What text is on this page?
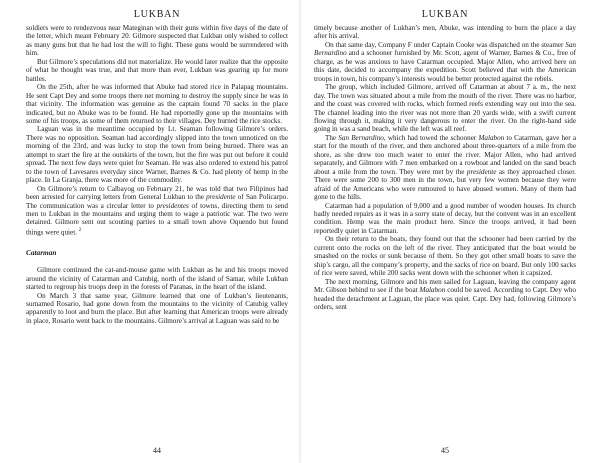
LUKBAN

soldiers were to rendezvous near Mateginan with their guns within five days of the date of the letter, which meant February 20. Gilmore suspected that Lukban only wished to collect as many guns but that he had lost the will to fight. These guns would be surrendered with him.

But Gilmore’s speculations did not materialize. He would later realize that the opposite of what he thought was true, and that more than ever, Lukban was gearing up for more battles.

On the 25th, after he was informed that Abuke had stored rice in Palapag mountains. He sent Capt Dey and some troops there net morning to destroy the supply since he was in that vicinity. The information was genuine as the captain found 70 sacks in the place indicated, but no Abuke was to be found. He had reportedly gone up the mountains with some of his troops, as some of them returned to their villages. Dey burned the rice stocks.

Laguan was in the meantime occupied by Lt. Seaman following Gilmore’s orders. There was no opposition. Seaman had accordingly slipped into the town unnoticed on the morning of the 23rd, and was lucky to stop the town from being burned. There was an attempt to start the fire at the outskirts of the town, but the fire was put out before it could spread. The next few days were quiet for Seaman. He was also ordered to extend his patrol to the town of Lavesares everyday since Warner, Barnes & Co. had plenty of hemp in the place. In La Granja, there was more of the commodity.

On Gilmore’s return to Calbayog on February 21, he was told that two Filipinos had been arrested for carrying letters from General Lukban to the presidente of San Policarpo. The communication was a circular letter to presidentes of towns, directing them to send men to Lukban in the mountains and urging them to wage a patriotic war. The two were detained. Gilmore sent out scouting parties to a small town above Oquendo but found things were quiet. $^2$

Catarman

Gilmore continued the cat-and-mouse game with Lukban as he and his troops moved around the vicinity of Catarman and Catubig, north of the island of Samar, while Lukban started to regroup his troops deep in the forests of Paranas, in the heart of the island.

On March 3 that same year, Gilmore learned that one of Lukban’s lieutenants, surnamed Rosario, had gone down from the mountains to the vicinity of Catubig valley apparently to loot and burn the place. But after learning that American troops were already in place, Rosario went back to the mountains. Gilmore’s arrival at Laguan was said to be

44
LUKBAN

timely because another of Lukban’s men, Abuke, was intending to burn the place a day after his arrival.

On that same day, Company F under Captain Cooke was dispatched on the steamer San Bernardino and a schooner furnished by Mr. Scott, agent of Warner, Barnes & Co., free of charge, as he was anxious to have Catarman occupied. Major Allen, who arrived here on this date, decided to accompany the expedition. Scott believed that with the American troops in town, his company’s interests would be better protected against the rebels.

The group, which included Gilmore, arrived off Catarman at about 7 a. m., the next day. The town was situated about a mile from the mouth of the river. There was no harbor, and the coast was covered with rocks, which formed reefs extending way out into the sea. The channel leading into the river was not more than 20 yards wide, with a swift current flowing through it, making it very dangerous to enter the river. On the right-hand side going in was a sand beach, while the left was all reef.

The San Bernardino, which had towed the schooner Malabon to Catarman, gave her a start for the mouth of the river, and then anchored about three-quarters of a mile from the shore, as she drew too much water to enter the river. Major Allen, who had arrived separately, and Gilmore with 7 men embarked on a rowboat and landed on the sand beach about a mile from the town. They were met by the presidente as they approached closer. There were some 200 to 300 men in the town, but very few women because they were afraid of the Americans who were rumoured to have abused women. Many of them had gone to the hills.

Catarman had a population of 9,000 and a good number of wooden houses. Its church badly needed repairs as it was in a sorry state of decay, but the convent was in an excellent condition. Hemp was the main product here. Since the troops arrived, it had been reportedly quiet in Catarman.

On their return to the boats, they found out that the schooner had been carried by the current onto the rocks on the left of the river. They anticipated that the boat would be smashed on the rocks or sunk because of them. So they got other small boats to save the ship’s cargo, all the company’s property, and the sacks of rice on board. But only 100 sacks of rice were saved, while 200 sacks went down with the schooner when it capsized.

The next morning, Gilmore and his men sailed for Laguan, leaving the company agent Mr. Gibson behind to see if the boat Malabon could be saved. According to Capt. Dey who headed the detachment at Laguan, the place was quiet. Capt. Dey had, following Gilmore’s orders, sent

45
